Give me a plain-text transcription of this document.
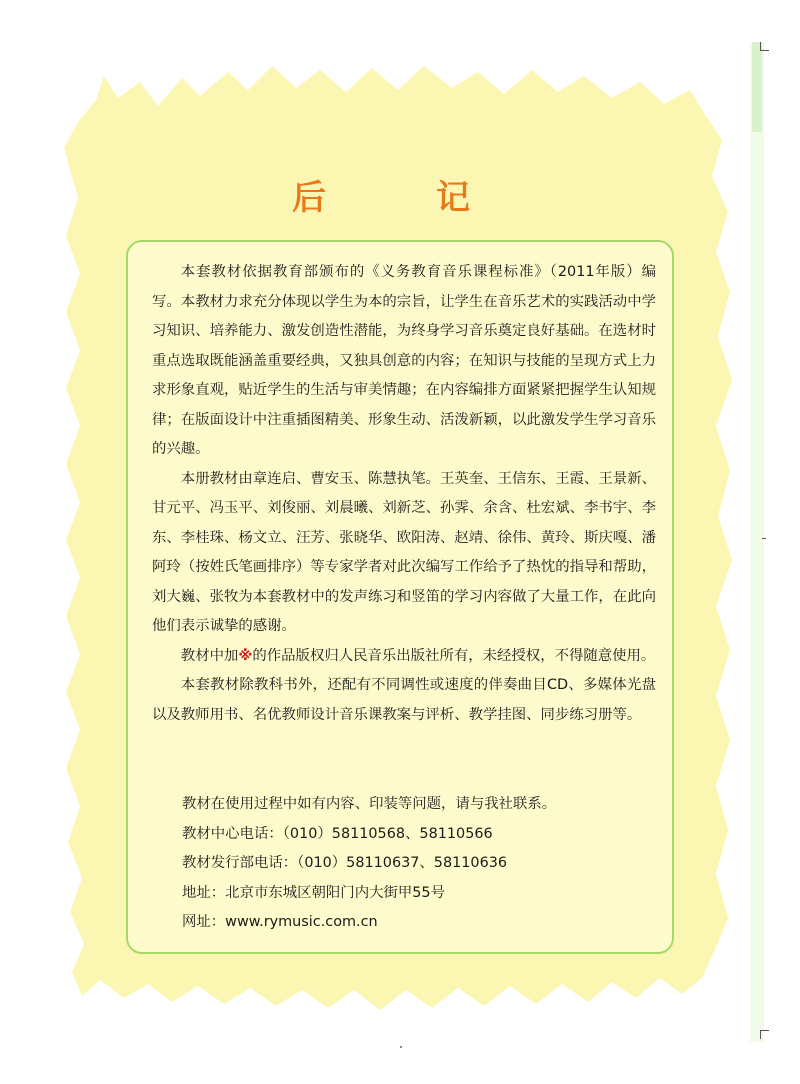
后　记

本套教材依据教育部颁布的《义务教育音乐课程标准》（2011年版）编写。本教材力求充分体现以学生为本的宗旨，让学生在音乐艺术的实践活动中学习知识、培养能力、激发创造性潜能，为终身学习音乐奠定良好基础。在选材时重点选取既能涵盖重要经典，又独具创意的内容；在知识与技能的呈现方式上力求形象直观，贴近学生的生活与审美情趣；在内容编排方面紧紧把握学生认知规律；在版面设计中注重插图精美、形象生动、活泼新颖，以此激发学生学习音乐的兴趣。

本册教材由章连启、曹安玉、陈慧执笔。王英奎、王信东、王霞、王景新、甘元平、冯玉平、刘俊丽、刘晨曦、刘新芝、孙霁、余含、杜宏斌、李书宇、李东、李桂珠、杨文立、汪芳、张晓华、欧阳涛、赵靖、徐伟、黄玲、斯庆嘎、潘阿玲（按姓氏笔画排序）等专家学者对此次编写工作给予了热忱的指导和帮助，刘大巍、张牧为本套教材中的发声练习和竖笛的学习内容做了大量工作，在此向他们表示诚挚的感谢。

教材中加※的作品版权归人民音乐出版社所有，未经授权，不得随意使用。

本套教材除教科书外，还配有不同调性或速度的伴奏曲目CD、多媒体光盘以及教师用书、名优教师设计音乐课教案与评析、教学挂图、同步练习册等。

教材在使用过程中如有内容、印装等问题，请与我社联系。
教材中心电话：（010）58110568、58110566
教材发行部电话：（010）58110637、58110636
地址：北京市东城区朝阳门内大街甲55号
网址：www.rymusic.com.cn
